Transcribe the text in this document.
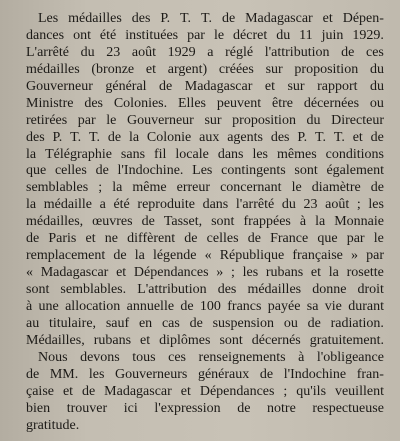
Les médailles des P. T. T. de Madagascar et Dépen-
dances ont été instituées par le décret du 11 juin 1929.
L'arrêté du 23 août 1929 a réglé l'attribution de ces
médailles (bronze et argent) créées sur proposition du
Gouverneur général de Madagascar et sur rapport du
Ministre des Colonies. Elles peuvent être décernées ou
retirées par le Gouverneur sur proposition du Directeur
des P. T. T. de la Colonie aux agents des P. T. T. et de
la Télégraphie sans fil locale dans les mêmes conditions
que celles de l'Indochine. Les contingents sont également
semblables ; la même erreur concernant le diamètre de
la médaille a été reproduite dans l'arrêté du 23 août ; les
médailles, œuvres de Tasset, sont frappées à la Monnaie
de Paris et ne diffèrent de celles de France que par le
remplacement de la légende « République française » par
« Madagascar et Dépendances » ; les rubans et la rosette
sont semblables. L'attribution des médailles donne droit
à une allocation annuelle de 100 francs payée sa vie durant
au titulaire, sauf en cas de suspension ou de radiation.
Médailles, rubans et diplômes sont décernés gratuitement.
Nous devons tous ces renseignements à l'obligeance
de MM. les Gouverneurs généraux de l'Indochine fran-
çaise et de Madagascar et Dépendances ; qu'ils veuillent
bien trouver ici l'expression de notre respectueuse
gratitude.
